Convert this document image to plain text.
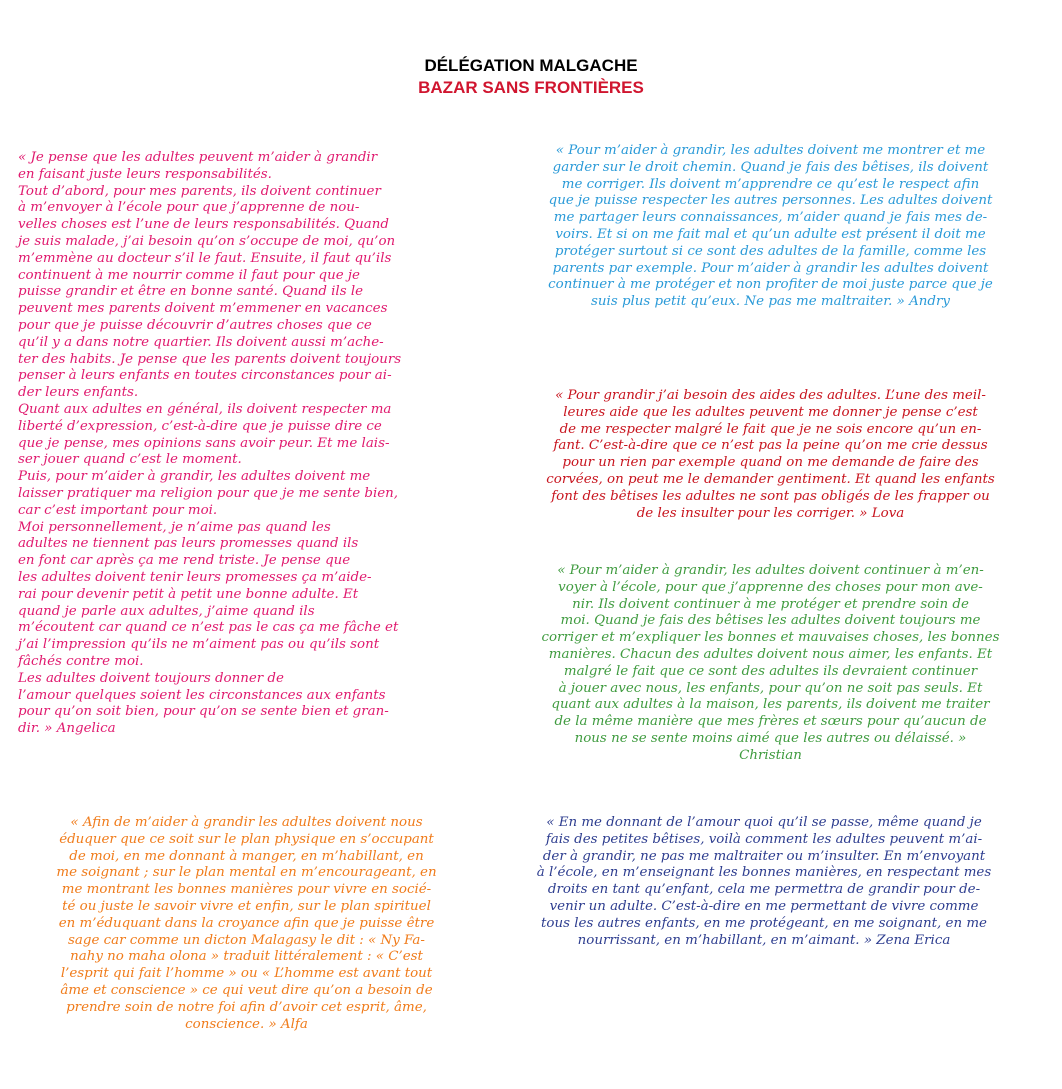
DÉLÉGATION MALGACHE
BAZAR SANS FRONTIÈRES

« Je pense que les adultes peuvent m’aider à grandir
en faisant juste leurs responsabilités.
Tout d’abord, pour mes parents, ils doivent continuer
à m’envoyer à l’école pour que j’apprenne de nou-
velles choses est l’une de leurs responsabilités. Quand
je suis malade, j’ai besoin qu’on s’occupe de moi, qu’on
m’emmène au docteur s’il le faut. Ensuite, il faut qu’ils
continuent à me nourrir comme il faut pour que je
puisse grandir et être en bonne santé. Quand ils le
peuvent mes parents doivent m’emmener en vacances
pour que je puisse découvrir d’autres choses que ce
qu’il y a dans notre quartier. Ils doivent aussi m’ache-
ter des habits. Je pense que les parents doivent toujours
penser à leurs enfants en toutes circonstances pour ai-
der leurs enfants.
Quant aux adultes en général, ils doivent respecter ma
liberté d’expression, c’est-à-dire que je puisse dire ce
que je pense, mes opinions sans avoir peur. Et me lais-
ser jouer quand c’est le moment.
Puis, pour m’aider à grandir, les adultes doivent me
laisser pratiquer ma religion pour que je me sente bien,
car c’est important pour moi.
Moi personnellement, je n’aime pas quand les
adultes ne tiennent pas leurs promesses quand ils
en font car après ça me rend triste. Je pense que
les adultes doivent tenir leurs promesses ça m’aide-
rai pour devenir petit à petit une bonne adulte. Et
quand je parle aux adultes, j’aime quand ils
m’écoutent car quand ce n’est pas le cas ça me fâche et
j’ai l’impression qu’ils ne m’aiment pas ou qu’ils sont
fâchés contre moi.
Les adultes doivent toujours donner de
l’amour quelques soient les circonstances aux enfants
pour qu’on soit bien, pour qu’on se sente bien et gran-
dir. » Angelica

« Pour m’aider à grandir, les adultes doivent me montrer et me
garder sur le droit chemin. Quand je fais des bêtises, ils doivent
me corriger. Ils doivent m’apprendre ce qu’est le respect afin
que je puisse respecter les autres personnes. Les adultes doivent
me partager leurs connaissances, m’aider quand je fais mes de-
voirs. Et si on me fait mal et qu’un adulte est présent il doit me
protéger surtout si ce sont des adultes de la famille, comme les
parents par exemple. Pour m’aider à grandir les adultes doivent
continuer à me protéger et non profiter de moi juste parce que je
suis plus petit qu’eux. Ne pas me maltraiter. » Andry

« Pour grandir j’ai besoin des aides des adultes. L’une des meil-
leures aide que les adultes peuvent me donner je pense c’est
de me respecter malgré le fait que je ne sois encore qu’un en-
fant. C’est-à-dire que ce n’est pas la peine qu’on me crie dessus
pour un rien par exemple quand on me demande de faire des
corvées, on peut me le demander gentiment. Et quand les enfants
font des bêtises les adultes ne sont pas obligés de les frapper ou
de les insulter pour les corriger. » Lova

« Pour m’aider à grandir, les adultes doivent continuer à m’en-
voyer à l’école, pour que j’apprenne des choses pour mon ave-
nir. Ils doivent continuer à me protéger et prendre soin de
moi. Quand je fais des bêtises les adultes doivent toujours me
corriger et m’expliquer les bonnes et mauvaises choses, les bonnes
manières. Chacun des adultes doivent nous aimer, les enfants. Et
malgré le fait que ce sont des adultes ils devraient continuer
à jouer avec nous, les enfants, pour qu’on ne soit pas seuls. Et
quant aux adultes à la maison, les parents, ils doivent me traiter
de la même manière que mes frères et sœurs pour qu’aucun de
nous ne se sente moins aimé que les autres ou délaissé. »
Christian

« Afin de m’aider à grandir les adultes doivent nous
éduquer que ce soit sur le plan physique en s’occupant
de moi, en me donnant à manger, en m’habillant, en
me soignant ; sur le plan mental en m’encourageant, en
me montrant les bonnes manières pour vivre en socié-
té ou juste le savoir vivre et enfin, sur le plan spirituel
en m’éduquant dans la croyance afin que je puisse être
sage car comme un dicton Malagasy le dit : « Ny Fa-
nahy no maha olona » traduit littéralement : « C’est
l’esprit qui fait l’homme » ou « L’homme est avant tout
âme et conscience » ce qui veut dire qu’on a besoin de
prendre soin de notre foi afin d’avoir cet esprit, âme,
conscience. » Alfa

« En me donnant de l’amour quoi qu’il se passe, même quand je
fais des petites bêtises, voilà comment les adultes peuvent m’ai-
der à grandir, ne pas me maltraiter ou m’insulter. En m’envoyant
à l’école, en m’enseignant les bonnes manières, en respectant mes
droits en tant qu’enfant, cela me permettra de grandir pour de-
venir un adulte. C’est-à-dire en me permettant de vivre comme
tous les autres enfants, en me protégeant, en me soignant, en me
nourrissant, en m’habillant, en m’aimant. » Zena Erica
